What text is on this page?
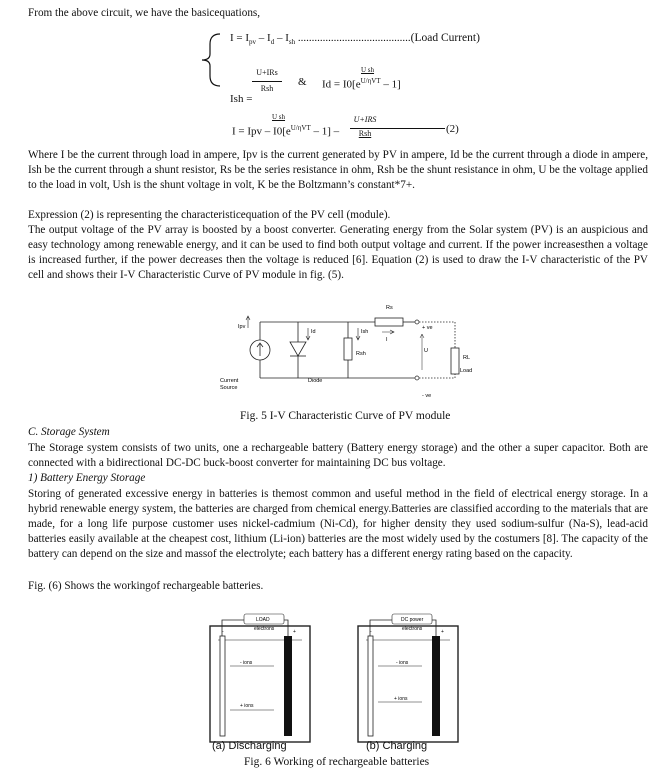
From the above circuit, we have the basicequations,
$I = I_{pv} - I_d - I_{sh}$ .........................................(Load Current)
U+IRs
Rsh
&
U sh
$Id = I0[e^{U/\eta VT} - 1]$
Ish =
U sh
I = Ipv – $I0[e^{U/\eta VT} - 1]$ –
U+IRS
Rsh	(2)
Where I be the current through load in ampere, Ipv is the current generated by PV in ampere, Id be the current through a diode in ampere, Ish be the current through a shunt resistor, Rs be the series resistance in ohm, Rsh be the shunt resistance in ohm, U be the voltage applied to the load in volt, Ush is the shunt voltage in volt, K be the Boltzmann’s constant*7+.
Expression (2) is representing the characteristicequation of the PV cell (module).
The output voltage of the PV array is boosted by a boost converter. Generating energy from the Solar system (PV) is an auspicious and easy technology among renewable energy, and it can be used to find both output voltage and current. If the power increasesthen a voltage is increased further, if the power decreases then the voltage is reduced [6]. Equation (2) is used to draw the I-V characteristic of the PV cell and shows their I-V Characteristic Curve of PV module in fig. (5).
Rs
+ ve
- ve
Ipv
Id	Ish
I
Rsh	U
RL
Load
Current
Source
Diode
Fig. 5 I-V Characteristic Curve of PV module
C. Storage System
The Storage system consists of two units, one a rechargeable battery (Battery energy storage) and the other a super capacitor. Both are connected with a bidirectional DC-DC buck-boost converter for maintaining DC bus voltage.
1) Battery Energy Storage
Storing of generated excessive energy in batteries is themost common and useful method in the field of electrical energy storage. In a hybrid renewable energy system, the batteries are charged from chemical energy.Batteries are classified according to the materials that are made, for a long life purpose customer uses nickel-cadmium (Ni-Cd), for higher density they used sodium-sulfur (Na-S), lead-acid batteries easily available at the cheapest cost, lithium (Li-ion) batteries are the most widely used by the costumers [8]. The capacity of the battery can depend on the size and massof the electrolyte; each battery has a different energy rating based on the capacity.
Fig. (6) Shows the workingof rechargeable batteries.
LOAD
electrons
-	+
- ions
+ ions
DC power
electrons
-	+
- ions
+ ions
(a) Discharging	(b) Charging
Fig. 6 Working of rechargeable batteries
